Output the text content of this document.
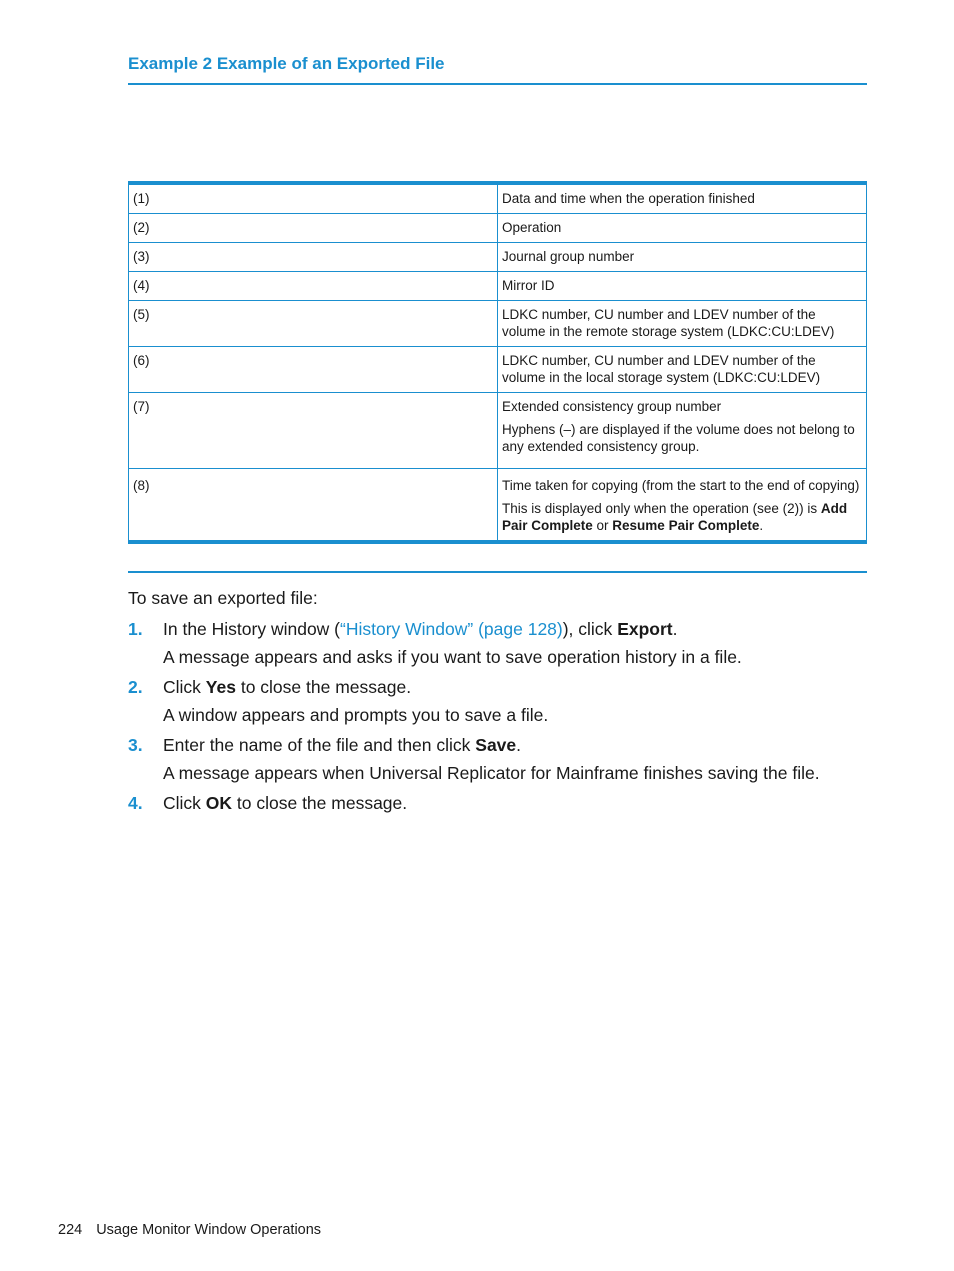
Example 2 Example of an Exported File
(1)	Data and time when the operation finished

(2)	Operation

(3)	Journal group number

(4)	Mirror ID

(5)	LDKC number, CU number and LDEV number of the volume in the remote storage system (LDKC:CU:LDEV)

(6)	LDKC number, CU number and LDEV number of the volume in the local storage system (LDKC:CU:LDEV)

(7)	Extended consistency group number

Hyphens (–) are displayed if the volume does not belong to any extended consistency group.

(8)	Time taken for copying (from the start to the end of copying)

This is displayed only when the operation (see (2)) is Add Pair Complete or Resume Pair Complete.

To save an exported file:

1. In the History window (“History Window” (page 128)), click Export.

A message appears and asks if you want to save operation history in a file.

2. Click Yes to close the message.

A window appears and prompts you to save a file.

3. Enter the name of the file and then click Save.

A message appears when Universal Replicator for Mainframe finishes saving the file.

4. Click OK to close the message.

224 Usage Monitor Window Operations
